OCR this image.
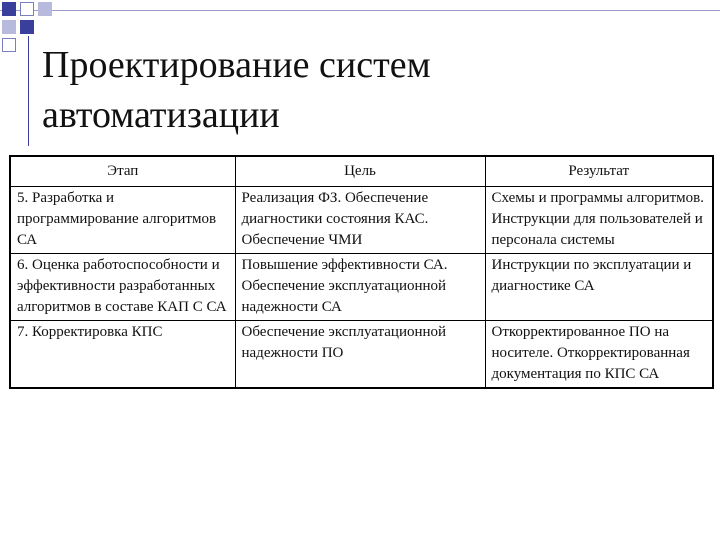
Проектирование систем
автоматизации
Этап	Цель	Результат
5. Разработка и программирование алгоритмов СА	Реализация ФЗ. Обеспечение диагностики состояния КАС. Обеспечение ЧМИ	Схемы и программы алгоритмов. Инструкции для пользователей и персонала системы
6. Оценка работоспособности и эффективности разработанных алгоритмов в составе КАП С СА	Повышение эффективности СА. Обеспечение эксплуатационной надежности СА	Инструкции по эксплуатации и диагностике СА
7. Корректировка КПС	Обеспечение эксплуатационной надежности ПО	Откорректированное ПО на носителе. Откорректированная документация по КПС СА
